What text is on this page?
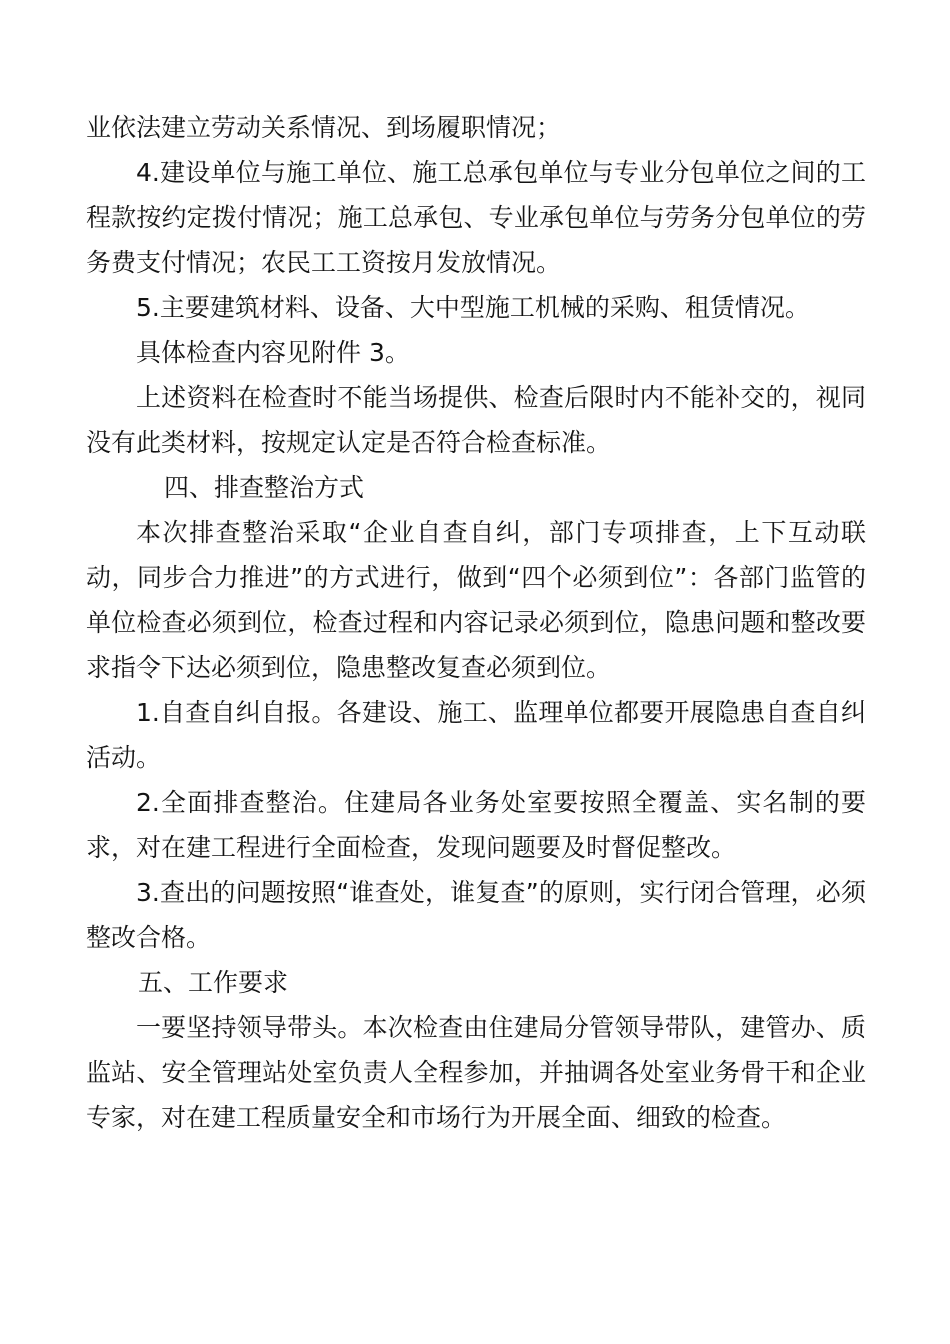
业依法建立劳动关系情况、到场履职情况；

4.建设单位与施工单位、施工总承包单位与专业分包单位之间的工程款按约定拨付情况；施工总承包、专业承包单位与劳务分包单位的劳务费支付情况；农民工工资按月发放情况。

5.主要建筑材料、设备、大中型施工机械的采购、租赁情况。

具体检查内容见附件 3。

上述资料在检查时不能当场提供、检查后限时内不能补交的，视同没有此类材料，按规定认定是否符合检查标准。

四、排查整治方式

本次排查整治采取“企业自查自纠，部门专项排查，上下互动联动，同步合力推进”的方式进行，做到“四个必须到位”：各部门监管的单位检查必须到位，检查过程和内容记录必须到位，隐患问题和整改要求指令下达必须到位，隐患整改复查必须到位。

1.自查自纠自报。各建设、施工、监理单位都要开展隐患自查自纠活动。

2.全面排查整治。住建局各业务处室要按照全覆盖、实名制的要求，对在建工程进行全面检查，发现问题要及时督促整改。

3.查出的问题按照“谁查处，谁复查”的原则，实行闭合管理，必须整改合格。

五、工作要求

一要坚持领导带头。本次检查由住建局分管领导带队，建管办、质监站、安全管理站处室负责人全程参加，并抽调各处室业务骨干和企业专家，对在建工程质量安全和市场行为开展全面、细致的检查。
